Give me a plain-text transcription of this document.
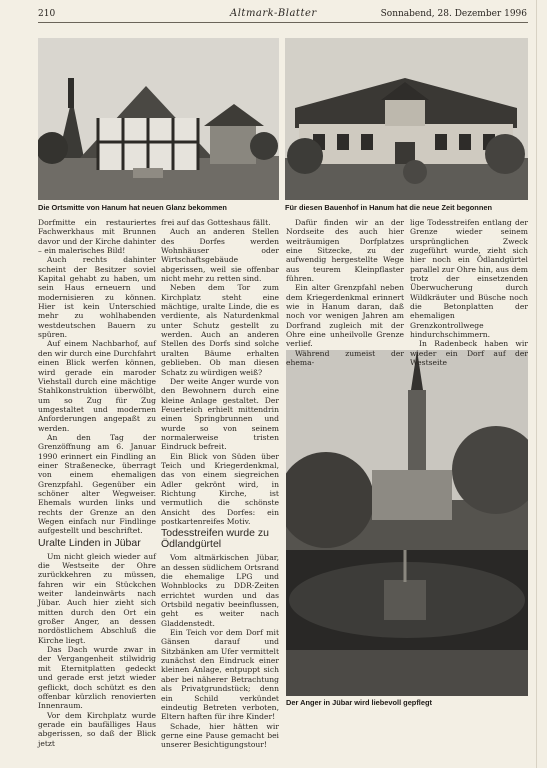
210	Altmark-Blatter	Sonnabend, 28. Dezember 1996
Die Ortsmitte von Hanum hat neuen Glanz bekommen	Für diesen Bauenhof in Hanum hat die neue Zeit begonnen
Der Anger in Jübar wird liebevoll gepflegt

Dorfmitte ein restauriertes Fachwerkhaus mit Brunnen davor und der Kirche dahinter – ein malerisches Bild!

Auch rechts dahinter scheint der Besitzer soviel Kapital gehabt zu haben, um sein Haus erneuern und modernisieren zu können. Hier ist kein Unterschied mehr zu wohlhabenden westdeutschen Bauern zu spüren.

Auf einem Nachbarhof, auf den wir durch eine Durchfahrt einen Blick werfen können, wird gerade ein maroder Viehstall durch eine mächtige Stahlkonstruktion überwölbt, um so Zug für Zug umgestaltet und modernen Anforderungen angepaßt zu werden.

An den Tag der Grenzöffnung am 6. Januar 1990 erinnert ein Findling an einer Straßenecke, überragt von einem ehemaligen Grenzpfahl. Gegenüber ein schöner alter Wegweiser. Ehemals wurden links und rechts der Grenze an den Wegen einfach nur Findlinge aufgestellt und beschriftet.

Uralte Linden in Jübar

Um nicht gleich wieder auf die Westseite der Ohre zurückkehren zu müssen, fahren wir ein Stückchen weiter landeinwärts nach Jübar. Auch hier zieht sich mitten durch den Ort ein großer Anger, an dessen nordöstlichem Abschluß die Kirche liegt.

Das Dach wurde zwar in der Vergangenheit stilwidrig mit Eternitplatten gedeckt und gerade erst jetzt wieder geflickt, doch schützt es den offenbar kürzlich renovierten Innenraum.

Vor dem Kirchplatz wurde gerade ein baufälliges Haus abgerissen, so daß der Blick jetzt

frei auf das Gotteshaus fällt.

Auch an anderen Stellen des Dorfes werden Wohnhäuser oder Wirtschaftsgebäude abgerissen, weil sie offenbar nicht mehr zu retten sind.

Neben dem Tor zum Kirchplatz steht eine mächtige, uralte Linde, die es verdiente, als Naturdenkmal unter Schutz gestellt zu werden. Auch an anderen Stellen des Dorfs sind solche uralten Bäume erhalten geblieben. Ob man diesen Schatz zu würdigen weiß?

Der weite Anger wurde von den Bewohnern durch eine kleine Anlage gestaltet. Der Feuerteich erhielt mittendrin einen Springbrunnen und wurde so von seinem normalerweise tristen Eindruck befreit.

Ein Blick von Süden über Teich und Kriegerdenkmal, das von einem siegreichen Adler gekrönt wird, in Richtung Kirche, ist vermutlich die schönste Ansicht des Dorfes: ein postkartenreifes Motiv.

Todesstreifen wurde zu Ödlandgürtel

Vom altmärkischen Jübar, an dessen südlichem Ortsrand die ehemalige LPG und Wohnblocks zu DDR-Zeiten errichtet wurden und das Ortsbild negativ beeinflussen, geht es weiter nach Gladdenstedt.

Ein Teich vor dem Dorf mit Gänsen darauf und Sitzbänken am Ufer vermittelt zunächst den Eindruck einer kleinen Anlage, entpuppt sich aber bei näherer Betrachtung als Privatgrundstück; denn ein Schild verkündet eindeutig Betreten verboten, Eltern haften für ihre Kinder!

Schade, hier hätten wir gerne eine Pause gemacht bei unserer Besichtigungstour!

Dafür finden wir an der Nordseite des auch hier weiträumigen Dorfplatzes eine Sitzecke, zu der aufwendig hergestellte Wege aus teurem Kleinpflaster führen.

Ein alter Grenzpfahl neben dem Kriegerdenkmal erinnert wie in Hanum daran, daß noch vor wenigen Jahren am Dorfrand zugleich mit der Ohre eine unheilvolle Grenze verlief.

Während zumeist der ehema-

lige Todesstreifen entlang der Grenze wieder seinem ursprünglichen Zweck zugeführt wurde, zieht sich hier noch ein Ödlandgürtel parallel zur Ohre hin, aus dem trotz der einsetzenden Überwucherung durch Wildkräuter und Büsche noch die Betonplatten der ehemaligen Grenzkontrollwege hindurchschimmern.

In Radenbeck haben wir wieder ein Dorf auf der Westseite
